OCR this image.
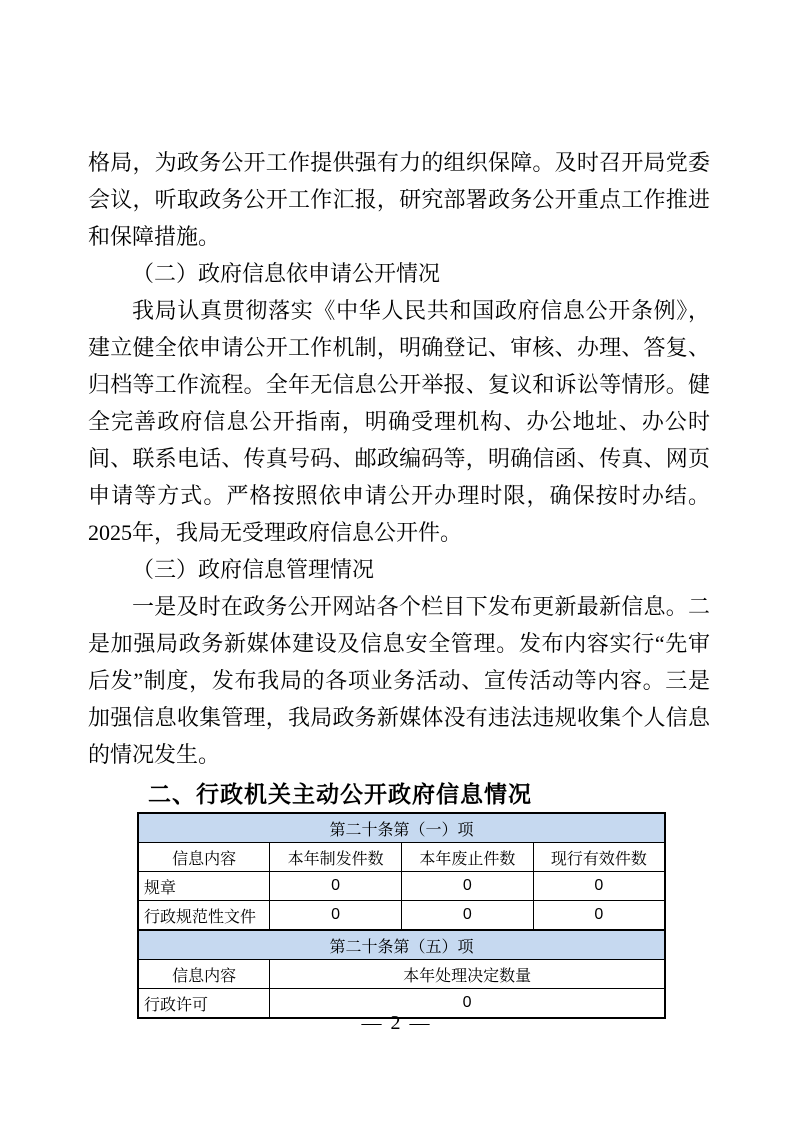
格局，为政务公开工作提供强有力的组织保障。及时召开局党委会议，听取政务公开工作汇报，研究部署政务公开重点工作推进和保障措施。

（二）政府信息依申请公开情况

我局认真贯彻落实《中华人民共和国政府信息公开条例》，建立健全依申请公开工作机制，明确登记、审核、办理、答复、归档等工作流程。全年无信息公开举报、复议和诉讼等情形。健全完善政府信息公开指南，明确受理机构、办公地址、办公时间、联系电话、传真号码、邮政编码等，明确信函、传真、网页申请等方式。严格按照依申请公开办理时限，确保按时办结。2025年，我局无受理政府信息公开件。

（三）政府信息管理情况

一是及时在政务公开网站各个栏目下发布更新最新信息。二是加强局政务新媒体建设及信息安全管理。发布内容实行“先审后发”制度，发布我局的各项业务活动、宣传活动等内容。三是加强信息收集管理，我局政务新媒体没有违法违规收集个人信息的情况发生。

二、行政机关主动公开政府信息情况

第二十条第（一）项			
信息内容	本年制发件数	本年废止件数	现行有效件数
规章	0	0	0
行政规范性文件	0	0	0
第二十条第（五）项			
信息内容	本年处理决定数量		
行政许可	0		

— 2 —
